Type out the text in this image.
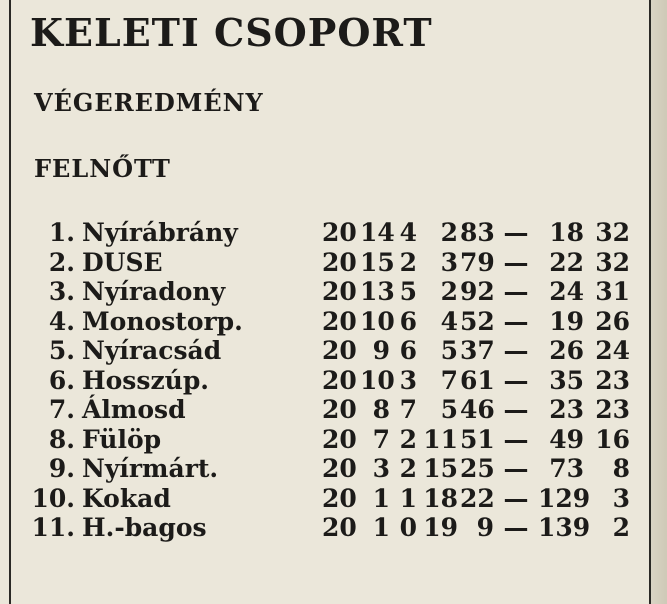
KELETI CSOPORT
VÉGEREDMÉNY
FELNŐTT
1. Nyírábrány	20 14 4 2 83 — 18 32
2. DUSE	20 15 2 3 79 — 22 32
3. Nyíradony	20 13 5 2 92 — 24 31
4. Monostorp.	20 10 6 4 52 — 19 26
5. Nyíracsád	20 9 6 5 37 — 26 24
6. Hosszúp.	20 10 3 7 61 — 35 23
7. Álmosd	20 8 7 5 46 — 23 23
8. Fülöp	20 7 2 11 51 — 49 16
9. Nyírmárt.	20 3 2 15 25 — 73	8
10. Kokad	20 1 1 18 22 — 129 3
11. H.-bagos	20 1 0 19 9 — 139 2
